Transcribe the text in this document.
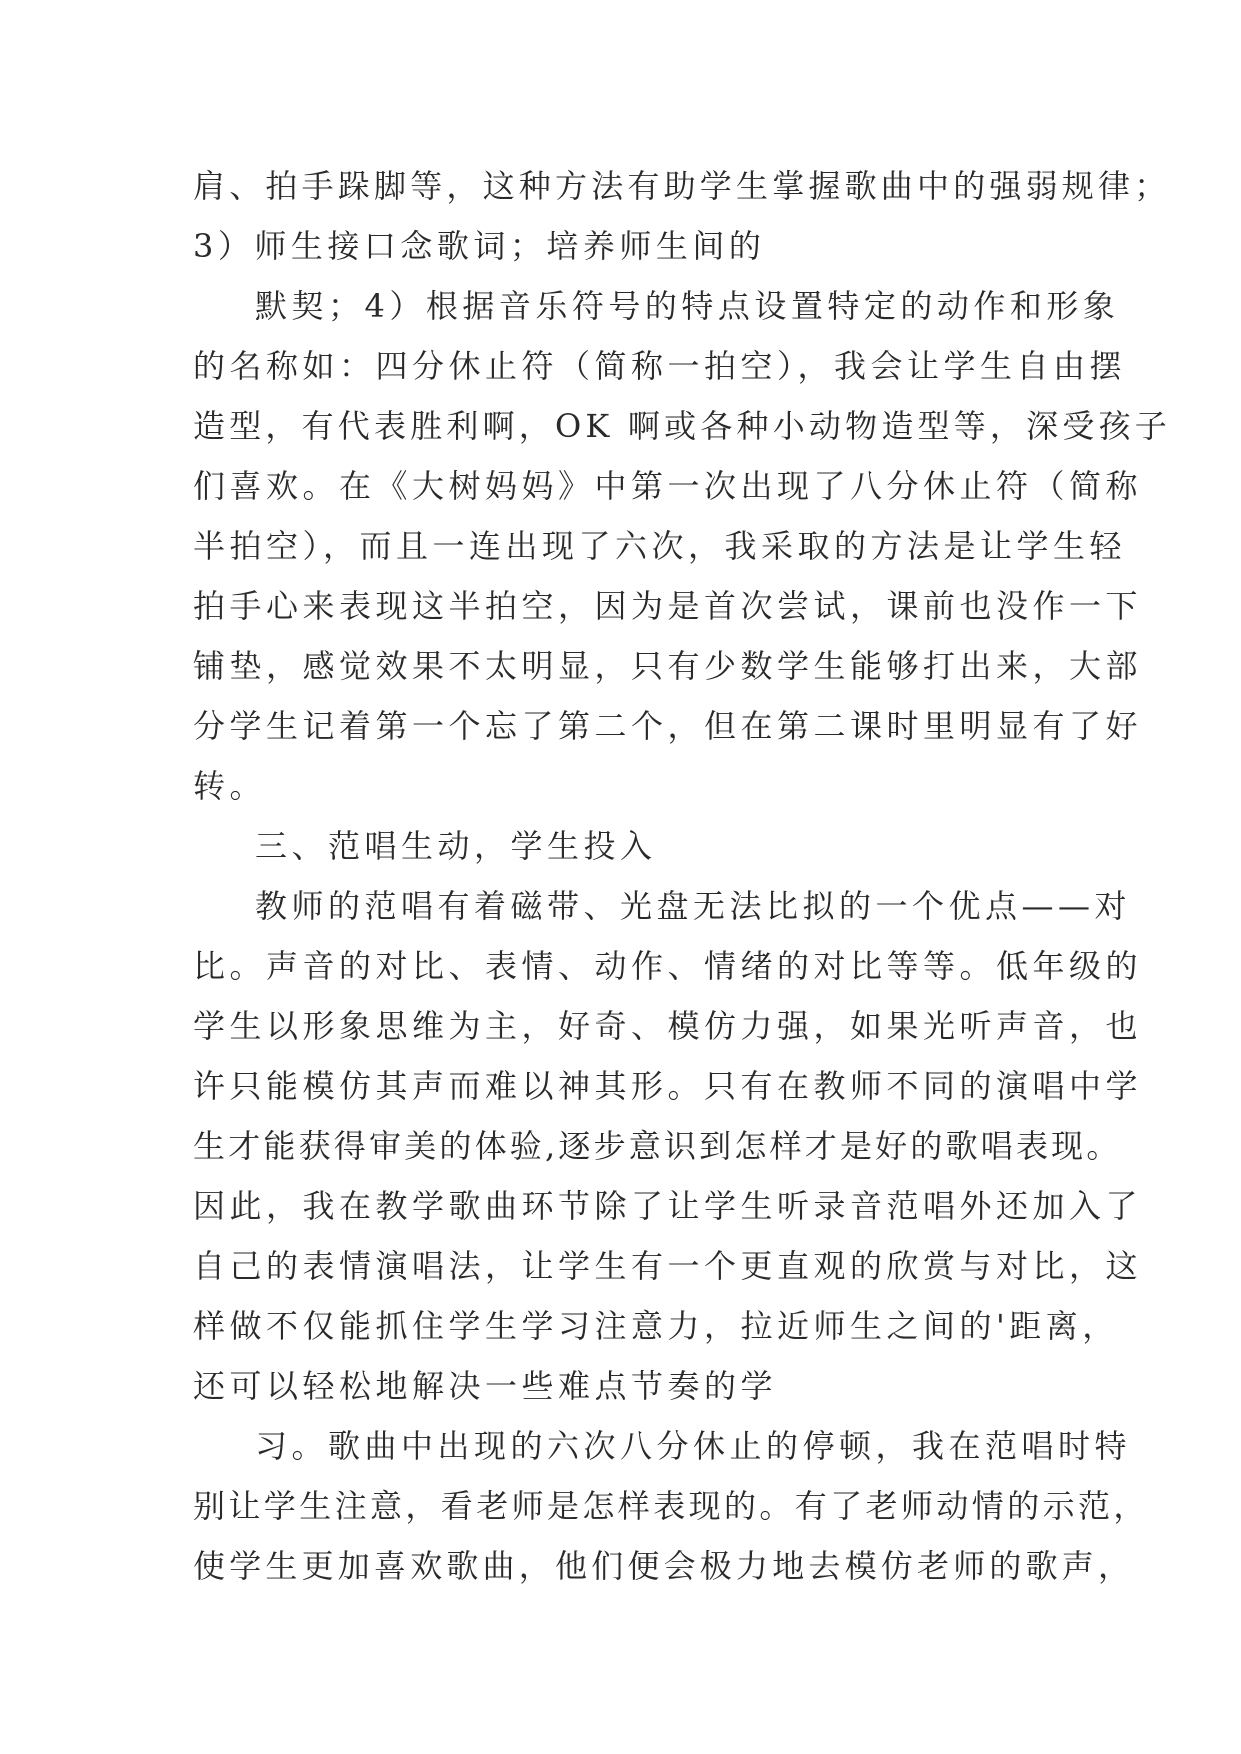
肩、拍手跺脚等，这种方法有助学生掌握歌曲中的强弱规律；
3）师生接口念歌词；培养师生间的
默契；4）根据音乐符号的特点设置特定的动作和形象
的名称如：四分休止符（简称一拍空），我会让学生自由摆
造型，有代表胜利啊，OK 啊或各种小动物造型等，深受孩子
们喜欢。在《大树妈妈》中第一次出现了八分休止符（简称
半拍空），而且一连出现了六次，我采取的方法是让学生轻
拍手心来表现这半拍空，因为是首次尝试，课前也没作一下
铺垫，感觉效果不太明显，只有少数学生能够打出来，大部
分学生记着第一个忘了第二个，但在第二课时里明显有了好
转。
三、范唱生动，学生投入
教师的范唱有着磁带、光盘无法比拟的一个优点——对
比。声音的对比、表情、动作、情绪的对比等等。低年级的
学生以形象思维为主，好奇、模仿力强，如果光听声音，也
许只能模仿其声而难以神其形。只有在教师不同的演唱中学
生才能获得审美的体验,逐步意识到怎样才是好的歌唱表现。
因此，我在教学歌曲环节除了让学生听录音范唱外还加入了
自己的表情演唱法，让学生有一个更直观的欣赏与对比，这
样做不仅能抓住学生学习注意力，拉近师生之间的'距离，
还可以轻松地解决一些难点节奏的学
习。歌曲中出现的六次八分休止的停顿，我在范唱时特
别让学生注意，看老师是怎样表现的。有了老师动情的示范，
使学生更加喜欢歌曲，他们便会极力地去模仿老师的歌声，
